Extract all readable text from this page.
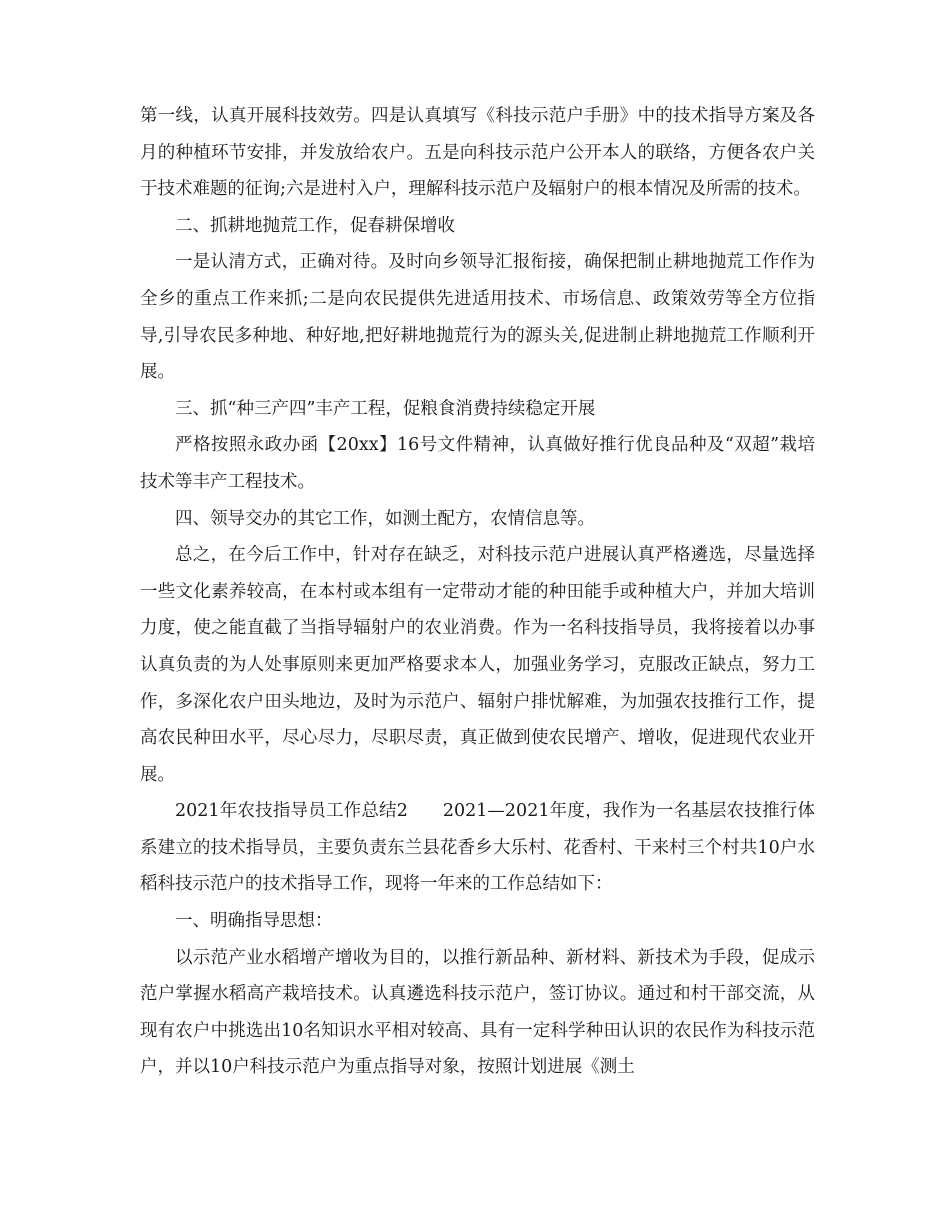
第一线，认真开展科技效劳。四是认真填写《科技示范户手册》中的技术指导方案及各月的种植环节安排，并发放给农户。五是向科技示范户公开本人的联络，方便各农户关于技术难题的征询;六是进村入户，理解科技示范户及辐射户的根本情况及所需的技术。

二、抓耕地抛荒工作，促春耕保增收

一是认清方式，正确对待。及时向乡领导汇报衔接，确保把制止耕地抛荒工作作为全乡的重点工作来抓;二是向农民提供先进适用技术、市场信息、政策效劳等全方位指导,引导农民多种地、种好地,把好耕地抛荒行为的源头关,促进制止耕地抛荒工作顺利开展。

三、抓“种三产四”丰产工程，促粮食消费持续稳定开展

严格按照永政办函【20xx】16号文件精神，认真做好推行优良品种及“双超”栽培技术等丰产工程技术。

四、领导交办的其它工作，如测土配方，农情信息等。

总之，在今后工作中，针对存在缺乏，对科技示范户进展认真严格遴选，尽量选择一些文化素养较高，在本村或本组有一定带动才能的种田能手或种植大户，并加大培训力度，使之能直截了当指导辐射户的农业消费。作为一名科技指导员，我将接着以办事认真负责的为人处事原则来更加严格要求本人，加强业务学习，克服改正缺点，努力工作，多深化农户田头地边，及时为示范户、辐射户排忧解难，为加强农技推行工作，提高农民种田水平，尽心尽力，尽职尽责，真正做到使农民增产、增收，促进现代农业开展。

2021年农技指导员工作总结2 2021—2021年度，我作为一名基层农技推行体系建立的技术指导员，主要负责东兰县花香乡大乐村、花香村、干来村三个村共10户水稻科技示范户的技术指导工作，现将一年来的工作总结如下：

一、明确指导思想：

以示范产业水稻增产增收为目的，以推行新品种、新材料、新技术为手段，促成示范户掌握水稻高产栽培技术。认真遴选科技示范户，签订协议。通过和村干部交流，从现有农户中挑选出10名知识水平相对较高、具有一定科学种田认识的农民作为科技示范户，并以10户科技示范户为重点指导对象，按照计划进展《测土
